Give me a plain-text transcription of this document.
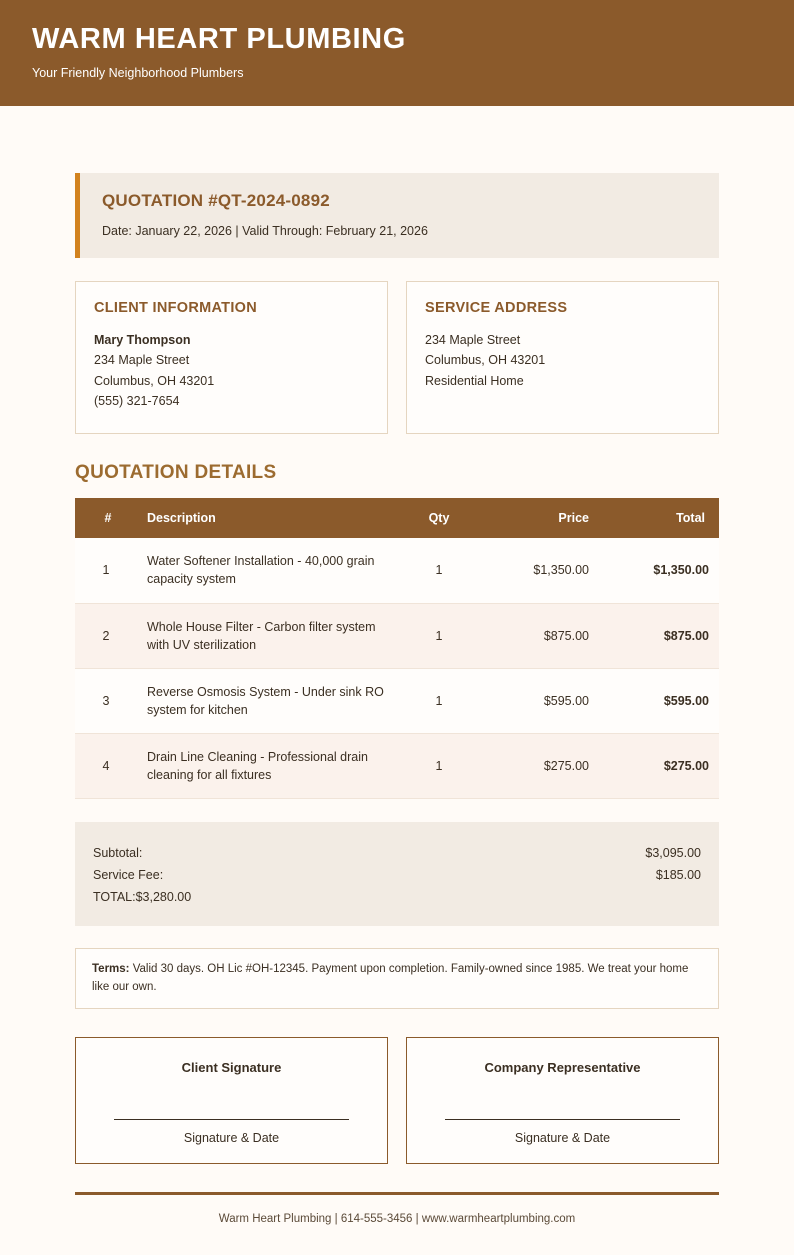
WARM HEART PLUMBING

Your Friendly Neighborhood Plumbers

QUOTATION #QT-2024-0892

Date: January 22, 2026 | Valid Through: February 21, 2026

CLIENT INFORMATION
Mary Thompson
234 Maple Street
Columbus, OH 43201
(555) 321-7654
SERVICE ADDRESS
234 Maple Street
Columbus, OH 43201
Residential Home
QUOTATION DETAILS
#	Description	Qty	Price	Total
1	Water Softener Installation - 40,000 grain capacity system	1	$1,350.00	$1,350.00
2	Whole House Filter - Carbon filter system with UV sterilization	1	$875.00	$875.00
3	Reverse Osmosis System - Under sink RO system for kitchen	1	$595.00	$595.00
4	Drain Line Cleaning - Professional drain cleaning for all fixtures	1	$275.00	$275.00
Subtotal:	$3,095.00
Service Fee:	$185.00
TOTAL:$3,280.00
Terms: Valid 30 days. OH Lic #OH-12345. Payment upon completion. Family-owned since 1985. We treat your home like our own.
Client Signature
Signature & Date
Company Representative
Signature & Date
Warm Heart Plumbing | 614-555-3456 | www.warmheartplumbing.com
